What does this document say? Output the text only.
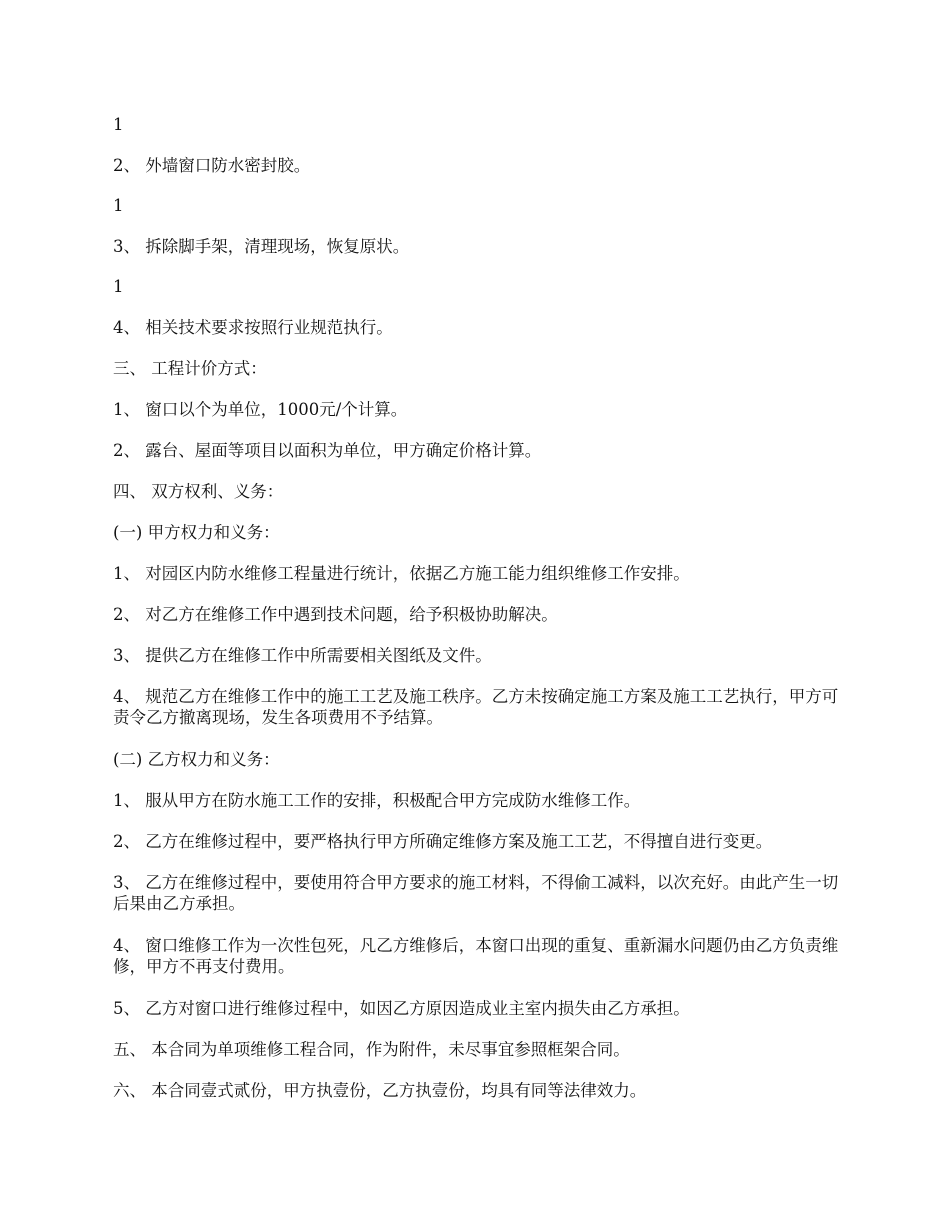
1

2、 外墙窗口防水密封胶。

1

3、 拆除脚手架，清理现场，恢复原状。

1

4、 相关技术要求按照行业规范执行。

三、 工程计价方式：

1、 窗口以个为单位，1000元/个计算。

2、 露台、屋面等项目以面积为单位，甲方确定价格计算。

四、 双方权利、义务：

(一) 甲方权力和义务：

1、 对园区内防水维修工程量进行统计，依据乙方施工能力组织维修工作安排。

2、 对乙方在维修工作中遇到技术问题，给予积极协助解决。

3、 提供乙方在维修工作中所需要相关图纸及文件。

4、 规范乙方在维修工作中的施工工艺及施工秩序。乙方未按确定施工方案及施工工艺执行，甲方可责令乙方撤离现场，发生各项费用不予结算。

(二) 乙方权力和义务：

1、 服从甲方在防水施工工作的安排，积极配合甲方完成防水维修工作。

2、 乙方在维修过程中，要严格执行甲方所确定维修方案及施工工艺，不得擅自进行变更。

3、 乙方在维修过程中，要使用符合甲方要求的施工材料，不得偷工减料，以次充好。由此产生一切后果由乙方承担。

4、 窗口维修工作为一次性包死，凡乙方维修后，本窗口出现的重复、重新漏水问题仍由乙方负责维修，甲方不再支付费用。

5、 乙方对窗口进行维修过程中，如因乙方原因造成业主室内损失由乙方承担。

五、 本合同为单项维修工程合同，作为附件，未尽事宜参照框架合同。

六、 本合同壹式贰份，甲方执壹份，乙方执壹份，均具有同等法律效力。
